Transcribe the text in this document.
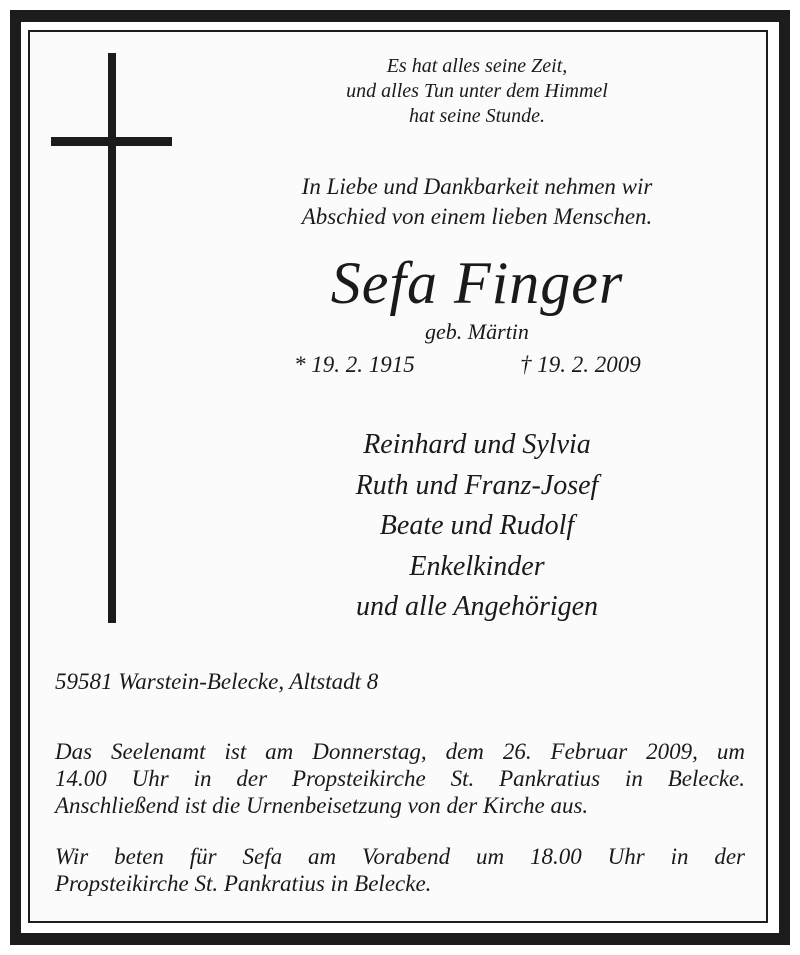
Es hat alles seine Zeit,
und alles Tun unter dem Himmel
hat seine Stunde.
In Liebe und Dankbarkeit nehmen wir
Abschied von einem lieben Menschen.
Sefa Finger
geb. Märtin
* 19. 2. 1915	† 19. 2. 2009
Reinhard und Sylvia
Ruth und Franz-Josef
Beate und Rudolf
Enkelkinder
und alle Angehörigen
59581 Warstein-Belecke, Altstadt 8
Das Seelenamt ist am Donnerstag, dem 26. Februar 2009, um
14.00 Uhr in der Propsteikirche St. Pankratius in Belecke.
Anschließend ist die Urnenbeisetzung von der Kirche aus.
Wir beten für Sefa am Vorabend um 18.00 Uhr in der
Propsteikirche St. Pankratius in Belecke.
